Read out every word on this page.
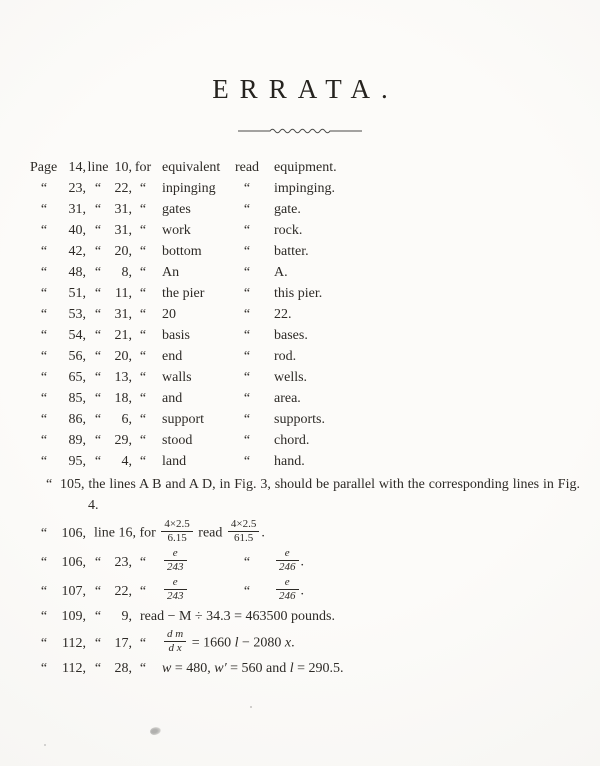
ERRATA.
Page 14, line 10, for equivalent	read	equipment.
“	23, “ 22, “	inpinging	“	impinging.
“	31, “ 31, “	gates	“	gate.
“	40, “ 31, “	work	“	rock.
“	42, “ 20, “	bottom	“	batter.
“	48, “	8, “	An	“	A.
“	51, “ 11, “	the pier	“	this pier.
“	53, “ 31, “	20	“	22.
“	54, “ 21, “	basis	“	bases.
“	56, “ 20, “	end	“	rod.
“	65, “ 13, “	walls	“	wells.
“	85, “ 18, “	and	“	area.
“	86, “	6, “	support	“	supports.
“	89, “ 29, “	stood	“	chord.
“	95, “	4, “	land	“	hand.
“  105, the lines A B and A D, in Fig. 3, should be parallel with the corresponding lines in Fig. 4.
“	106, line 16, for $\frac{4\times 2.5}{6.15}$ read $\frac{4\times 2.5}{61.5}$ .
“	106, “ 23, “	$\frac{e}{243}$	“	$\frac{e}{246}$ .
“	107, “ 22, “	$\frac{e}{243}$	“	$\frac{e}{246}$ .
“	109, “	9, read − M ÷ 34.3 = 463500 pounds.
“	112, “ 17, “	$\frac{\text{d m}}{\text{d x}} = 1660$ l − 2080 x.
“	112, “ 28, “	w = 480, w′ = 560 and l = 290.5.
